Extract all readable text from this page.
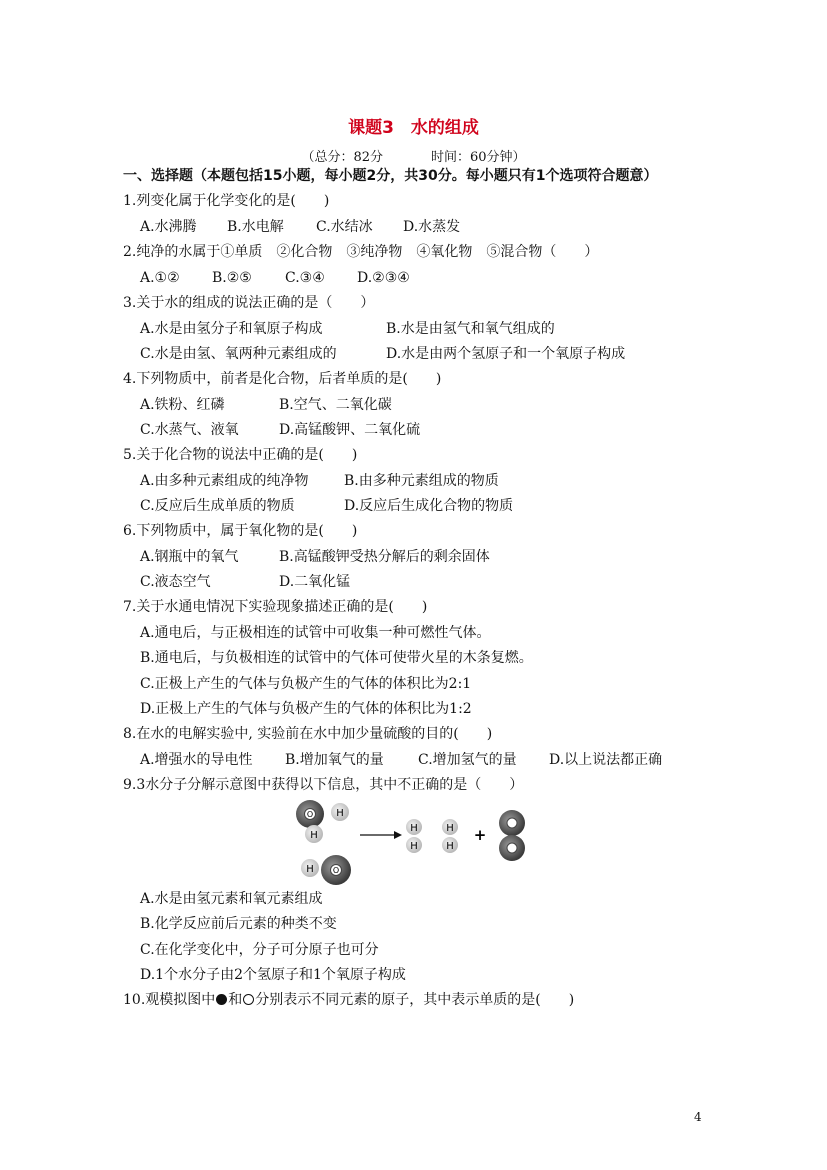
课题3　水的组成
（总分：82分	时间：60分钟）
一、选择题（本题包括15小题，每小题2分，共30分。每小题只有1个选项符合题意）
1.列变化属于化学变化的是(　　)
A.水沸腾 B.水电解 C.水结冰 D.水蒸发
2.纯净的水属于①单质　②化合物　③纯净物　④氧化物　⑤混合物（　　）
A.①② B.②⑤ C.③④ D.②③④
3.关于水的组成的说法正确的是（　　）
A.水是由氢分子和氧原子构成	B.水是由氢气和氧气组成的
C.水是由氢、氧两种元素组成的	D.水是由两个氢原子和一个氧原子构成
4.下列物质中，前者是化合物，后者单质的是(　　)
A.铁粉、红磷	B.空气、二氧化碳
C.水蒸气、液氧	D.高锰酸钾、二氧化硫
5.关于化合物的说法中正确的是(　　)
A.由多种元素组成的纯净物	B.由多种元素组成的物质
C.反应后生成单质的物质	D.反应后生成化合物的物质
6.下列物质中，属于氧化物的是(　　)
A.钢瓶中的氧气	B.高锰酸钾受热分解后的剩余固体
C.液态空气	D.二氧化锰
7.关于水通电情况下实验现象描述正确的是(　　)
A.通电后，与正极相连的试管中可收集一种可燃性气体。
B.通电后，与负极相连的试管中的气体可使带火星的木条复燃。
C.正极上产生的气体与负极产生的气体的体积比为2:1
D.正极上产生的气体与负极产生的气体的体积比为1:2
8.在水的电解实验中, 实验前在水中加少量硫酸的目的(　　)
A.增强水的导电性 B.增加氧气的量 C.增加氢气的量 D.以上说法都正确
9.3水分子分解示意图中获得以下信息，其中不正确的是（　　）
O H
H
H O
H
H
H
H
+
A.水是由氢元素和氧元素组成
B.化学反应前后元素的种类不变
C.在化学变化中，分子可分原子也可分
D.1个水分子由2个氢原子和1个氧原子构成
10.观模拟图中 和 分别表示不同元素的原子，其中表示单质的是(　　)
4
